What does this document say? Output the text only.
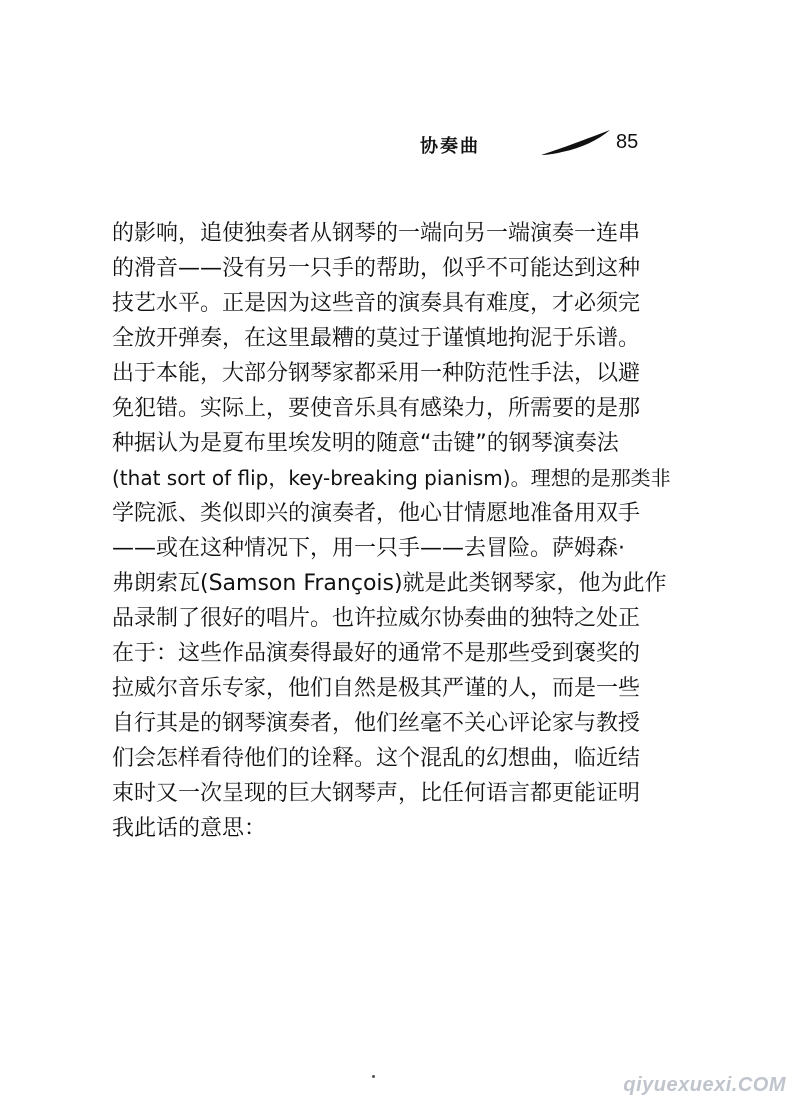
协奏曲	85
的影响，追使独奏者从钢琴的一端向另一端演奏一连串
的滑音——没有另一只手的帮助，似乎不可能达到这种
技艺水平。正是因为这些音的演奏具有难度，才必须完
全放开弹奏，在这里最糟的莫过于谨慎地拘泥于乐谱。
出于本能，大部分钢琴家都采用一种防范性手法，以避
免犯错。实际上，要使音乐具有感染力，所需要的是那
种据认为是夏布里埃发明的随意“击键”的钢琴演奏法
(that sort of flip，key-breaking pianism)。理想的是那类非
学院派、类似即兴的演奏者，他心甘情愿地准备用双手
——或在这种情况下，用一只手——去冒险。萨姆森·
弗朗索瓦(Samson François)就是此类钢琴家，他为此作
品录制了很好的唱片。也许拉威尔协奏曲的独特之处正
在于：这些作品演奏得最好的通常不是那些受到褒奖的
拉威尔音乐专家，他们自然是极其严谨的人，而是一些
自行其是的钢琴演奏者，他们丝毫不关心评论家与教授
们会怎样看待他们的诠释。这个混乱的幻想曲，临近结
束时又一次呈现的巨大钢琴声，比任何语言都更能证明
我此话的意思：
qiyuexuexi.COM
